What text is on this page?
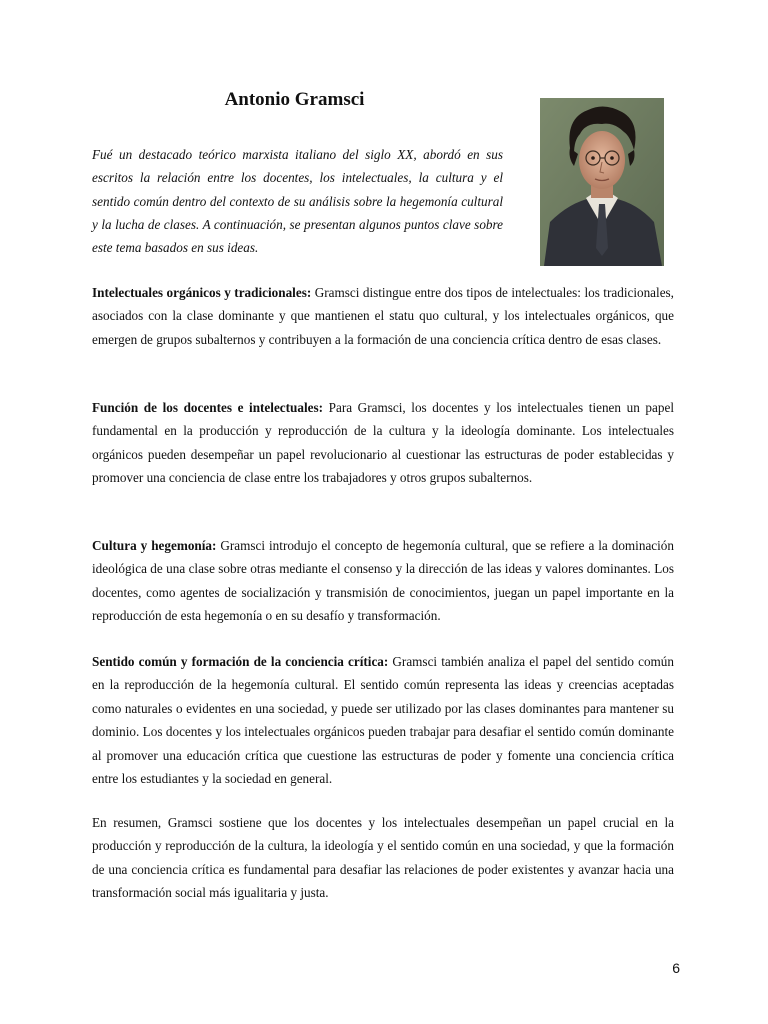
Antonio Gramsci

Fué un destacado teórico marxista italiano del siglo XX, abordó en sus escritos la relación entre los docentes, los intelectuales, la cultura y el sentido común dentro del contexto de su análisis sobre la hegemonía cultural y la lucha de clases. A continuación, se presentan algunos puntos clave sobre este tema basados en sus ideas.

Intelectuales orgánicos y tradicionales: Gramsci distingue entre dos tipos de intelectuales: los tradicionales, asociados con la clase dominante y que mantienen el statu quo cultural, y los intelectuales orgánicos, que emergen de grupos subalternos y contribuyen a la formación de una conciencia crítica dentro de esas clases.

Función de los docentes e intelectuales: Para Gramsci, los docentes y los intelectuales tienen un papel fundamental en la producción y reproducción de la cultura y la ideología dominante. Los intelectuales orgánicos pueden desempeñar un papel revolucionario al cuestionar las estructuras de poder establecidas y promover una conciencia de clase entre los trabajadores y otros grupos subalternos.

Cultura y hegemonía: Gramsci introdujo el concepto de hegemonía cultural, que se refiere a la dominación ideológica de una clase sobre otras mediante el consenso y la dirección de las ideas y valores dominantes. Los docentes, como agentes de socialización y transmisión de conocimientos, juegan un papel importante en la reproducción de esta hegemonía o en su desafío y transformación.

Sentido común y formación de la conciencia crítica: Gramsci también analiza el papel del sentido común en la reproducción de la hegemonía cultural. El sentido común representa las ideas y creencias aceptadas como naturales o evidentes en una sociedad, y puede ser utilizado por las clases dominantes para mantener su dominio. Los docentes y los intelectuales orgánicos pueden trabajar para desafiar el sentido común dominante al promover una educación crítica que cuestione las estructuras de poder y fomente una conciencia crítica entre los estudiantes y la sociedad en general.

En resumen, Gramsci sostiene que los docentes y los intelectuales desempeñan un papel crucial en la producción y reproducción de la cultura, la ideología y el sentido común en una sociedad, y que la formación de una conciencia crítica es fundamental para desafiar las relaciones de poder existentes y avanzar hacia una transformación social más igualitaria y justa.

6
